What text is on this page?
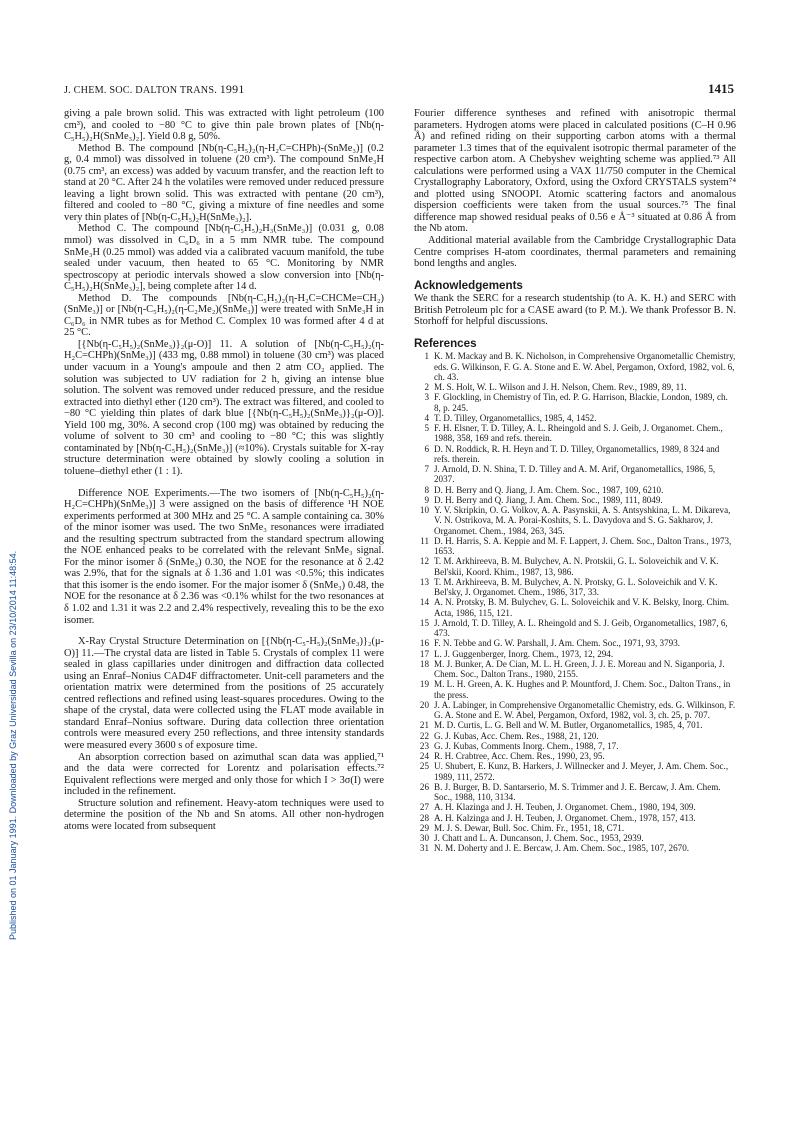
J. CHEM. SOC. DALTON TRANS. 1991	1415
Published on 01 January 1991. Downloaded by Graz Universidad Sevilla on 23/10/2014 11:48:54.

giving a pale brown solid. This was extracted with light petroleum (100 cm³), and cooled to −80 °C to give thin pale brown plates of [Nb(η-C₅H₅)₂H(SnMe₃)₂]. Yield 0.8 g, 50%.

Method B. The compound [Nb(η-C₅H₅)₂(η-H₂C=CHPh)-(SnMe₃)] (0.2 g, 0.4 mmol) was dissolved in toluene (20 cm³). The compound SnMe₃H (0.75 cm³, an excess) was added by vacuum transfer, and the reaction left to stand at 20 °C. After 24 h the volatiles were removed under reduced pressure leaving a light brown solid. This was extracted with pentane (20 cm³), filtered and cooled to −80 °C, giving a mixture of fine needles and some very thin plates of [Nb(η-C₅H₅)₂H(SnMe₃)₂].

Method C. The compound [Nb(η-C₅H₅)₂H₃(SnMe₃)] (0.031 g, 0.08 mmol) was dissolved in C₆D₆ in a 5 mm NMR tube. The compound SnMe₃H (0.25 mmol) was added via a calibrated vacuum manifold, the tube sealed under vacuum, then heated to 65 °C. Monitoring by NMR spectroscopy at periodic intervals showed a slow conversion into [Nb(η-C₅H₅)₂H(SnMe₃)₂], being complete after 14 d.

Method D. The compounds [Nb(η-C₅H₅)₂(η-H₂C=CHCMe=CH₂)(SnMe₃)] or [Nb(η-C₅H₅)₂(η-C₂Me₂)(SnMe₃)] were treated with SnMe₃H in C₆D₆ in NMR tubes as for Method C. Complex 10 was formed after 4 d at 25 °C.

[{Nb(η-C₅H₅)₂(SnMe₃)}₂(μ-O)] 11. A solution of [Nb(η-C₅H₅)₂(η-H₂C=CHPh)(SnMe₃)] (433 mg, 0.88 mmol) in toluene (30 cm³) was placed under vacuum in a Young's ampoule and then 2 atm CO₂ applied. The solution was subjected to UV radiation for 2 h, giving an intense blue solution. The solvent was removed under reduced pressure, and the residue extracted into diethyl ether (120 cm³). The extract was filtered, and cooled to −80 °C yielding thin plates of dark blue [{Nb(η-C₅H₅)₂(SnMe₃)}₂(μ-O)]. Yield 100 mg, 30%. A second crop (100 mg) was obtained by reducing the volume of solvent to 30 cm³ and cooling to −80 °C; this was slightly contaminated by [Nb(η-C₅H₅)₂(SnMe₃)] (≈10%). Crystals suitable for X-ray structure determination were obtained by slowly cooling a solution in toluene–diethyl ether (1 : 1).

Difference NOE Experiments.—The two isomers of [Nb(η-C₅H₅)₂(η-H₂C=CHPh)(SnMe₃)] 3 were assigned on the basis of difference ¹H NOE experiments performed at 300 MHz and 25 °C. A sample containing ca. 30% of the minor isomer was used. The two SnMe₃ resonances were irradiated and the resulting spectrum subtracted from the standard spectrum allowing the NOE enhanced peaks to be correlated with the relevant SnMe₃ signal. For the minor isomer δ (SnMe₃) 0.30, the NOE for the resonance at δ 2.42 was 2.9%, that for the signals at δ 1.36 and 1.01 was <0.5%; this indicates that this isomer is the endo isomer. For the major isomer δ (SnMe₃) 0.48, the NOE for the resonance at δ 2.36 was <0.1% whilst for the two resonances at δ 1.02 and 1.31 it was 2.2 and 2.4% respectively, revealing this to be the exo isomer.

X-Ray Crystal Structure Determination on [{Nb(η-C₅-H₅)₂(SnMe₃)}₂(μ-O)] 11.—The crystal data are listed in Table 5. Crystals of complex 11 were sealed in glass capillaries under dinitrogen and diffraction data collected using an Enraf–Nonius CAD4F diffractometer. Unit-cell parameters and the orientation matrix were determined from the positions of 25 accurately centred reflections and refined using least-squares procedures. Owing to the shape of the crystal, data were collected using the FLAT mode available in standard Enraf–Nonius software. During data collection three orientation controls were measured every 250 reflections, and three intensity standards were measured every 3600 s of exposure time.

An absorption correction based on azimuthal scan data was applied,⁷¹ and the data were corrected for Lorentz and polarisation effects.⁷² Equivalent reflections were merged and only those for which I > 3σ(I) were included in the refinement.

Structure solution and refinement. Heavy-atom techniques were used to determine the position of the Nb and Sn atoms. All other non-hydrogen atoms were located from subsequent

Fourier difference syntheses and refined with anisotropic thermal parameters. Hydrogen atoms were placed in calculated positions (C–H 0.96 Å) and refined riding on their supporting carbon atoms with a thermal parameter 1.3 times that of the equivalent isotropic thermal parameter of the respective carbon atom. A Chebyshev weighting scheme was applied.⁷³ All calculations were performed using a VAX 11/750 computer in the Chemical Crystallography Laboratory, Oxford, using the Oxford CRYSTALS system⁷⁴ and plotted using SNOOPI. Atomic scattering factors and anomalous dispersion coefficients were taken from the usual sources.⁷⁵ The final difference map showed residual peaks of 0.56 e Å⁻³ situated at 0.86 Å from the Nb atom.

Additional material available from the Cambridge Crystallographic Data Centre comprises H-atom coordinates, thermal parameters and remaining bond lengths and angles.

Acknowledgements

We thank the SERC for a research studentship (to A. K. H.) and SERC with British Petroleum plc for a CASE award (to P. M.). We thank Professor B. N. Storhoff for helpful discussions.

References
1 K. M. Mackay and B. K. Nicholson, in Comprehensive Organometallic Chemistry, eds. G. Wilkinson, F. G. A. Stone and E. W. Abel, Pergamon, Oxford, 1982, vol. 6, ch. 43.
2 M. S. Holt, W. L. Wilson and J. H. Nelson, Chem. Rev., 1989, 89, 11.
3 F. Glockling, in Chemistry of Tin, ed. P. G. Harrison, Blackie, London, 1989, ch. 8, p. 245.
4 T. D. Tilley, Organometallics, 1985, 4, 1452.
5 F. H. Elsner, T. D. Tilley, A. L. Rheingold and S. J. Geib, J. Organomet. Chem., 1988, 358, 169 and refs. therein.
6 D. N. Roddick, R. H. Heyn and T. D. Tilley, Organometallics, 1989, 8 324 and refs. therein.
7 J. Arnold, D. N. Shina, T. D. Tilley and A. M. Arif, Organometallics, 1986, 5, 2037.
8 D. H. Berry and Q. Jiang, J. Am. Chem. Soc., 1987, 109, 6210.
9 D. H. Berry and Q. Jiang, J. Am. Chem. Soc., 1989, 111, 8049.
10 Y. V. Skripkin, O. G. Volkov, A. A. Pasynskii, A. S. Antsyshkina, L. M. Dikareva, V. N. Ostrikova, M. A. Porai-Koshits, S. L. Davydova and S. G. Sakharov, J. Organomet. Chem., 1984, 263, 345.
11 D. H. Harris, S. A. Keppie and M. F. Lappert, J. Chem. Soc., Dalton Trans., 1973, 1653.
12 T. M. Arkhireeva, B. M. Bulychev, A. N. Protskii, G. L. Soloveichik and V. K. Bel'skii, Koord. Khim., 1987, 13, 986.
13 T. M. Arkhireeva, B. M. Bulychev, A. N. Protsky, G. L. Soloveichik and V. K. Bel'sky, J. Organomet. Chem., 1986, 317, 33.
14 A. N. Protsky, B. M. Bulychev, G. L. Soloveichik and V. K. Belsky, Inorg. Chim. Acta, 1986, 115, 121.
15 J. Arnold, T. D. Tilley, A. L. Rheingold and S. J. Geib, Organometallics, 1987, 6, 473.
16 F. N. Tebbe and G. W. Parshall, J. Am. Chem. Soc., 1971, 93, 3793.
17 L. J. Guggenberger, Inorg. Chem., 1973, 12, 294.
18 M. J. Bunker, A. De Cian, M. L. H. Green, J. J. E. Moreau and N. Siganporia, J. Chem. Soc., Dalton Trans., 1980, 2155.
19 M. L. H. Green, A. K. Hughes and P. Mountford, J. Chem. Soc., Dalton Trans., in the press.
20 J. A. Labinger, in Comprehensive Organometallic Chemistry, eds. G. Wilkinson, F. G. A. Stone and E. W. Abel, Pergamon, Oxford, 1982, vol. 3, ch. 25, p. 707.
21 M. D. Curtis, L. G. Bell and W. M. Butler, Organometallics, 1985, 4, 701.
22 G. J. Kubas, Acc. Chem. Res., 1988, 21, 120.
23 G. J. Kubas, Comments Inorg. Chem., 1988, 7, 17.
24 R. H. Crabtree, Acc. Chem. Res., 1990, 23, 95.
25 U. Shubert, E. Kunz, B. Harkers, J. Willnecker and J. Meyer, J. Am. Chem. Soc., 1989, 111, 2572.
26 B. J. Burger, B. D. Santarserio, M. S. Trimmer and J. E. Bercaw, J. Am. Chem. Soc., 1988, 110, 3134.
27 A. H. Klazinga and J. H. Teuben, J. Organomet. Chem., 1980, 194, 309.
28 A. H. Kalzinga and J. H. Teuben, J. Organomet. Chem., 1978, 157, 413.
29 M. J. S. Dewar, Bull. Soc. Chim. Fr., 1951, 18, C71.
30 J. Chatt and L. A. Duncanson, J. Chem. Soc., 1953, 2939.
31 N. M. Doherty and J. E. Bercaw, J. Am. Chem. Soc., 1985, 107, 2670.
